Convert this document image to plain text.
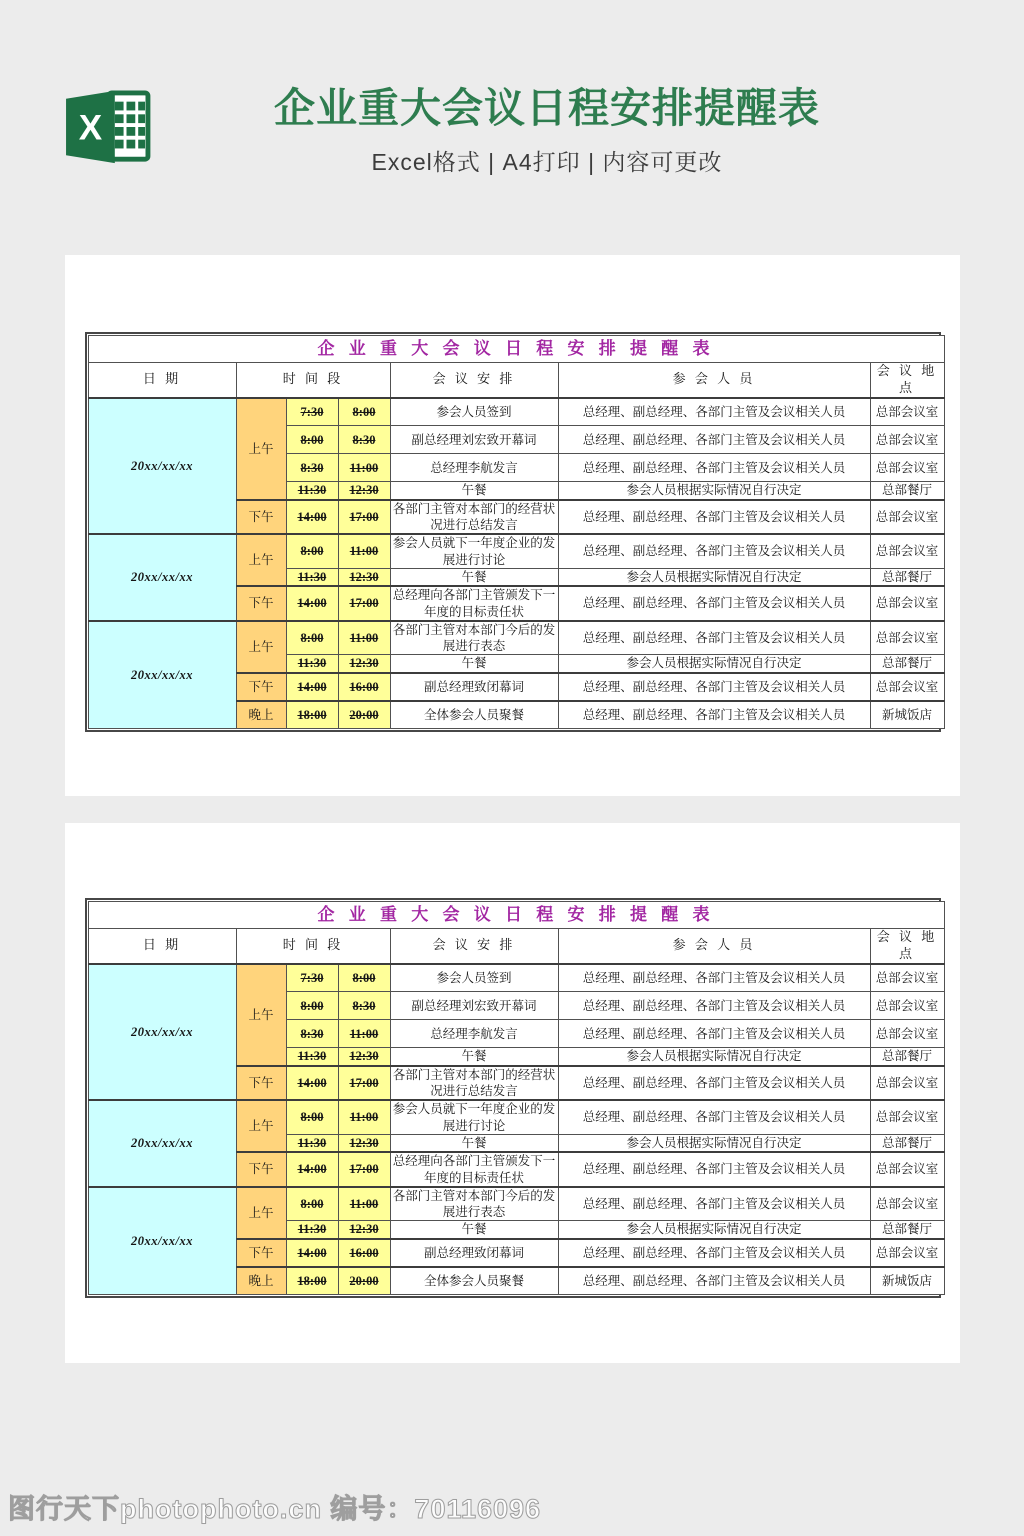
X	企业重大会议日程安排提醒表
Excel格式 | A4打印 | 内容可更改
企 业 重 大 会 议 日 程 安 排 提 醒 表						
日 期	时 间 段			会 议 安 排	参 会 人 员	会 议 地 点
20xx/xx/xx	上午	7:30	8:00	参会人员签到	总经理、副总经理、各部门主管及会议相关人员	总部会议室
		8:00	8:30	副总经理刘宏致开幕词	总经理、副总经理、各部门主管及会议相关人员	总部会议室
		8:30	11:00	总经理李航发言	总经理、副总经理、各部门主管及会议相关人员	总部会议室
		11:30	12:30	午餐	参会人员根据实际情况自行决定	总部餐厅
	下午	14:00	17:00	各部门主管对本部门的经营状况进行总结发言	总经理、副总经理、各部门主管及会议相关人员	总部会议室
20xx/xx/xx	上午	8:00	11:00	参会人员就下一年度企业的发展进行讨论	总经理、副总经理、各部门主管及会议相关人员	总部会议室
		11:30	12:30	午餐	参会人员根据实际情况自行决定	总部餐厅
	下午	14:00	17:00	总经理向各部门主管颁发下一年度的目标责任状	总经理、副总经理、各部门主管及会议相关人员	总部会议室
20xx/xx/xx	上午	8:00	11:00	各部门主管对本部门今后的发展进行表态	总经理、副总经理、各部门主管及会议相关人员	总部会议室
		11:30	12:30	午餐	参会人员根据实际情况自行决定	总部餐厅
	下午	14:00	16:00	副总经理致闭幕词	总经理、副总经理、各部门主管及会议相关人员	总部会议室
	晚上	18:00	20:00	全体参会人员聚餐	总经理、副总经理、各部门主管及会议相关人员	新城饭店
企 业 重 大 会 议 日 程 安 排 提 醒 表						
日 期	时 间 段			会 议 安 排	参 会 人 员	会 议 地 点
20xx/xx/xx	上午	7:30	8:00	参会人员签到	总经理、副总经理、各部门主管及会议相关人员	总部会议室
		8:00	8:30	副总经理刘宏致开幕词	总经理、副总经理、各部门主管及会议相关人员	总部会议室
		8:30	11:00	总经理李航发言	总经理、副总经理、各部门主管及会议相关人员	总部会议室
		11:30	12:30	午餐	参会人员根据实际情况自行决定	总部餐厅
	下午	14:00	17:00	各部门主管对本部门的经营状况进行总结发言	总经理、副总经理、各部门主管及会议相关人员	总部会议室
20xx/xx/xx	上午	8:00	11:00	参会人员就下一年度企业的发展进行讨论	总经理、副总经理、各部门主管及会议相关人员	总部会议室
		11:30	12:30	午餐	参会人员根据实际情况自行决定	总部餐厅
	下午	14:00	17:00	总经理向各部门主管颁发下一年度的目标责任状	总经理、副总经理、各部门主管及会议相关人员	总部会议室
20xx/xx/xx	上午	8:00	11:00	各部门主管对本部门今后的发展进行表态	总经理、副总经理、各部门主管及会议相关人员	总部会议室
		11:30	12:30	午餐	参会人员根据实际情况自行决定	总部餐厅
	下午	14:00	16:00	副总经理致闭幕词	总经理、副总经理、各部门主管及会议相关人员	总部会议室
	晚上	18:00	20:00	全体参会人员聚餐	总经理、副总经理、各部门主管及会议相关人员	新城饭店
图行天下photophoto.cn 编号：70116096
